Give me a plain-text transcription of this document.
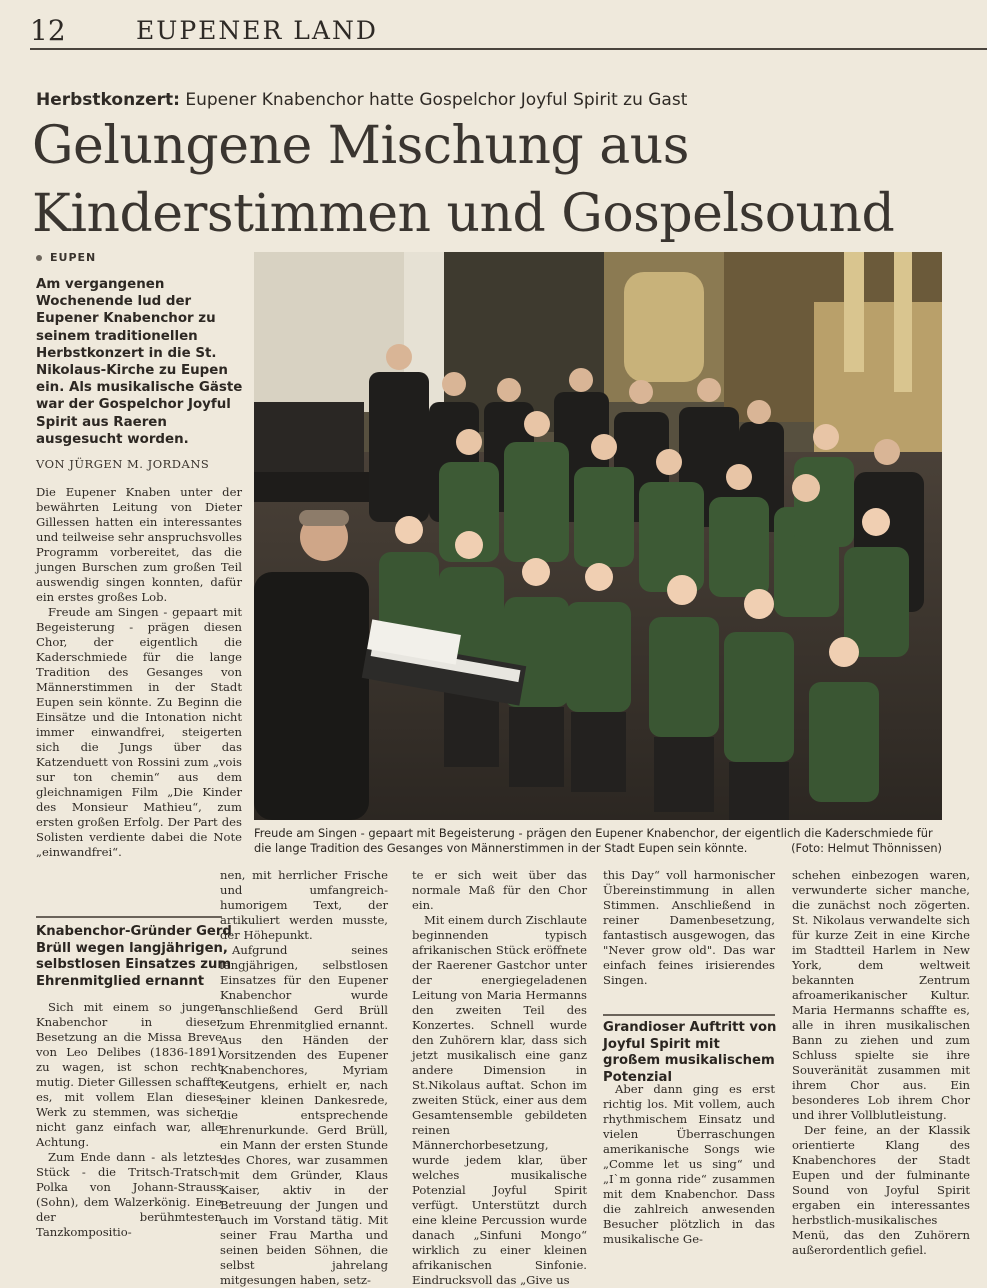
12	EUPENER LAND
Herbstkonzert: Eupener Knabenchor hatte Gospelchor Joyful Spirit zu Gast
Gelungene Mischung aus
Kinderstimmen und Gospelsound
EUPEN
Am vergangenen Wochenende lud der Eupener Knabenchor zu seinem traditionellen Herbstkonzert in die St. Nikolaus-Kirche zu Eupen ein. Als musikalische Gäste war der Gospelchor Joyful Spirit aus Raeren ausgesucht worden.
VON JÜRGEN M. JORDANS

Die Eupener Knaben unter der bewährten Leitung von Dieter Gillessen hatten ein interessantes und teilweise sehr anspruchsvolles Programm vorbereitet, das die jungen Burschen zum großen Teil auswendig singen konnten, dafür ein erstes großes Lob.

Freude am Singen - gepaart mit Begeisterung - prägen diesen Chor, der eigentlich die Kaderschmiede für die lange Tradition des Gesanges von Männerstimmen in der Stadt Eupen sein könnte. Zu Beginn die Einsätze und die Intonation nicht immer einwandfrei, steigerten sich die Jungs über das Katzenduett von Rossini zum „vois sur ton chemin“ aus dem gleichnamigen Film „Die Kinder des Monsieur Mathieu“, zum ersten großen Erfolg. Der Part des Solisten verdiente dabei die Note „einwandfrei“.

Freude am Singen - gepaart mit Begeisterung - prägen den Eupener Knabenchor, der eigentlich die Kaderschmiede für die lange Tradition des Gesanges von Männerstimmen in der Stadt Eupen sein könnte.	(Foto: Helmut Thönnissen)
Knabenchor-Gründer Gerd Brüll wegen langjährigen, selbstlosen Einsatzes zum Ehrenmitglied ernannt

Sich mit einem so jungen Knabenchor in dieser Besetzung an die Missa Breve von Leo Delibes (1836-1891) zu wagen, ist schon recht mutig. Dieter Gillessen schaffte es, mit vollem Elan dieses Werk zu stemmen, was sicher nicht ganz einfach war, alle Achtung.

Zum Ende dann - als letztes Stück - die Tritsch-Tratsch-Polka von Johann-Strauss (Sohn), dem Walzerkönig. Eine der berühmtesten Tanzkompositio-

nen, mit herrlicher Frische und umfangreich-humorigem Text, der artikuliert werden musste, der Höhepunkt.

Aufgrund seines langjährigen, selbstlosen Einsatzes für den Eupener Knabenchor wurde anschließend Gerd Brüll zum Ehrenmitglied ernannt. Aus den Händen der Vorsitzenden des Eupener Knabenchores, Myriam Keutgens, erhielt er, nach einer kleinen Dankesrede, die entsprechende Ehrenurkunde. Gerd Brüll, ein Mann der ersten Stunde des Chores, war zusammen mit dem Gründer, Klaus Kaiser, aktiv in der Betreuung der Jungen und auch im Vorstand tätig. Mit seiner Frau Martha und seinen beiden Söhnen, die selbst jahrelang mitgesungen haben, setz-

te er sich weit über das normale Maß für den Chor ein.

Mit einem durch Zischlaute beginnenden typisch afrikanischen Stück eröffnete der Raerener Gastchor unter der energiegeladenen Leitung von Maria Hermanns den zweiten Teil des Konzertes. Schnell wurde den Zuhörern klar, dass sich jetzt musikalisch eine ganz andere Dimension in St.Nikolaus auftat. Schon im zweiten Stück, einer aus dem Gesamtensemble gebildeten reinen Männerchorbesetzung, wurde jedem klar, über welches musikalische Potenzial Joyful Spirit verfügt. Unterstützt durch eine kleine Percussion wurde danach „Sinfuni Mongo“ wirklich zu einer kleinen afrikanischen Sinfonie. Eindrucksvoll das „Give us

this Day“ voll harmonischer Übereinstimmung in allen Stimmen. Anschließend in reiner Damenbesetzung, fantastisch ausgewogen, das "Never grow old". Das war einfach feines irisierendes Singen.

Grandioser Auftritt von Joyful Spirit mit großem musikalischem Potenzial

Aber dann ging es erst richtig los. Mit vollem, auch rhythmischem Einsatz und vielen Überraschungen amerikanische Songs wie „Comme let us sing“ und „I`m gonna ride“ zusammen mit dem Knabenchor. Dass die zahlreich anwesenden Besucher plötzlich in das musikalische Ge-

schehen einbezogen waren, verwunderte sicher manche, die zunächst noch zögerten. St. Nikolaus verwandelte sich für kurze Zeit in eine Kirche im Stadtteil Harlem in New York, dem weltweit bekannten Zentrum afroamerikanischer Kultur. Maria Hermanns schaffte es, alle in ihren musikalischen Bann zu ziehen und zum Schluss spielte sie ihre Souveränität zusammen mit ihrem Chor aus. Ein besonderes Lob ihrem Chor und ihrer Vollblutleistung.

Der feine, an der Klassik orientierte Klang des Knabenchores der Stadt Eupen und der fulminante Sound von Joyful Spirit ergaben ein interessantes herbstlich-musikalisches Menü, das den Zuhörern außerordentlich gefiel.
